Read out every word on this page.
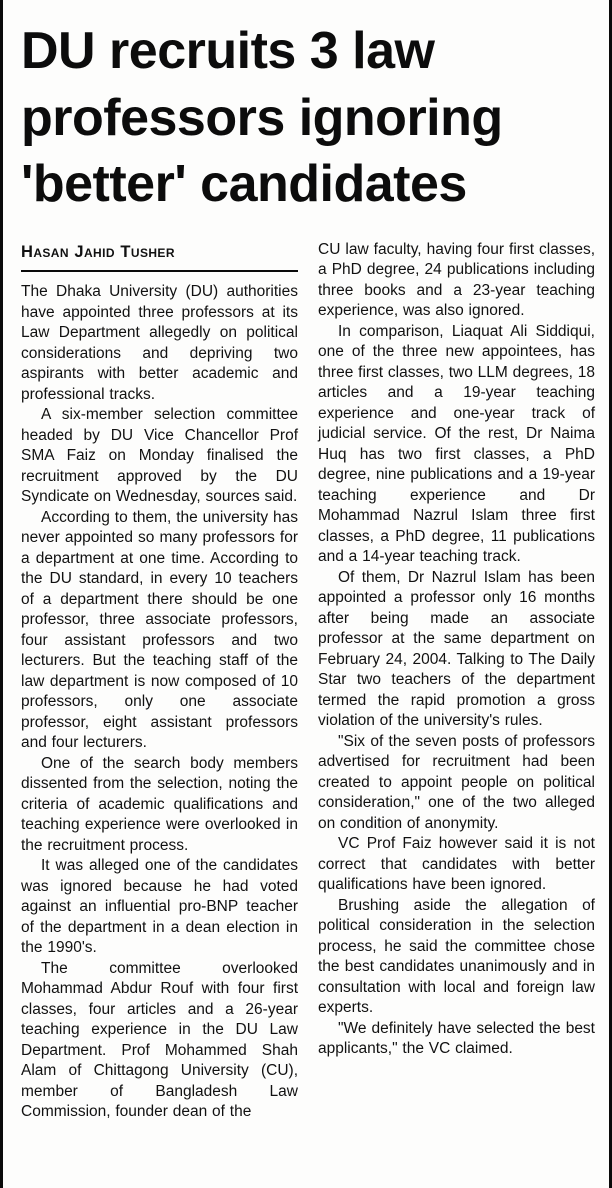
DU recruits 3 law
professors ignoring
'better' candidates
Hasan Jahid Tusher

The Dhaka University (DU) authorities have appointed three professors at its Law Department allegedly on political considerations and depriving two aspirants with better academic and professional tracks.

A six-member selection committee headed by DU Vice Chancellor Prof SMA Faiz on Monday finalised the recruitment approved by the DU Syndicate on Wednesday, sources said.

According to them, the university has never appointed so many professors for a department at one time. According to the DU standard, in every 10 teachers of a department there should be one professor, three associate professors, four assistant professors and two lecturers. But the teaching staff of the law department is now composed of 10 professors, only one associate professor, eight assistant professors and four lecturers.

One of the search body members dissented from the selection, noting the criteria of academic qualifications and teaching experience were overlooked in the recruitment process.

It was alleged one of the candidates was ignored because he had voted against an influential pro-BNP teacher of the department in a dean election in the 1990's.

The committee overlooked Mohammad Abdur Rouf with four first classes, four articles and a 26-year teaching experience in the DU Law Department. Prof Mohammed Shah Alam of Chittagong University (CU), member of Bangladesh Law Commission, founder dean of the

CU law faculty, having four first classes, a PhD degree, 24 publications including three books and a 23-year teaching experience, was also ignored.

In comparison, Liaquat Ali Siddiqui, one of the three new appointees, has three first classes, two LLM degrees, 18 articles and a 19-year teaching experience and one-year track of judicial service. Of the rest, Dr Naima Huq has two first classes, a PhD degree, nine publications and a 19-year teaching experience and Dr Mohammad Nazrul Islam three first classes, a PhD degree, 11 publications and a 14-year teaching track.

Of them, Dr Nazrul Islam has been appointed a professor only 16 months after being made an associate professor at the same department on February 24, 2004. Talking to The Daily Star two teachers of the department termed the rapid promotion a gross violation of the university's rules.

"Six of the seven posts of professors advertised for recruitment had been created to appoint people on political consideration," one of the two alleged on condition of anonymity.

VC Prof Faiz however said it is not correct that candidates with better qualifications have been ignored.

Brushing aside the allegation of political consideration in the selection process, he said the committee chose the best candidates unanimously and in consultation with local and foreign law experts.

"We definitely have selected the best applicants," the VC claimed.
